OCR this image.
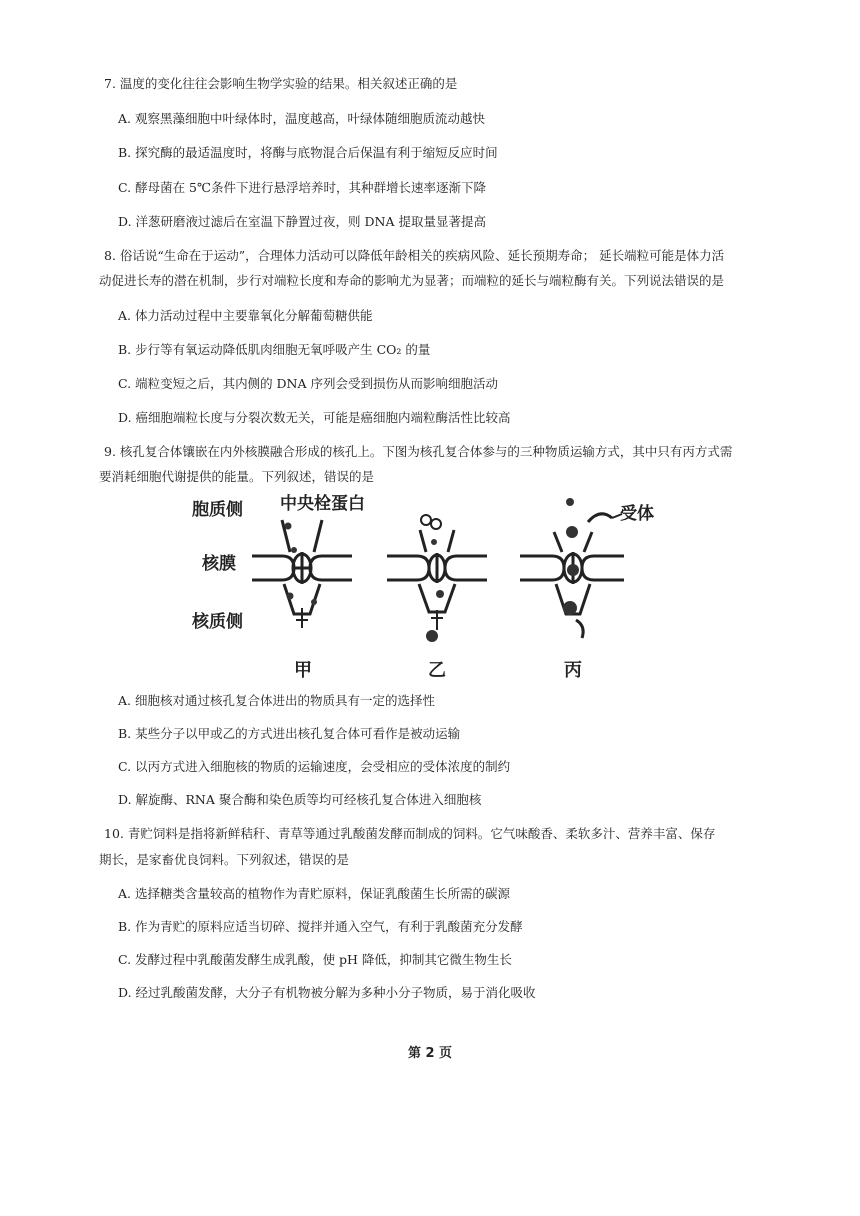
7. 温度的变化往往会影响生物学实验的结果。相关叙述正确的是
A. 观察黑藻细胞中叶绿体时，温度越高，叶绿体随细胞质流动越快
B. 探究酶的最适温度时，将酶与底物混合后保温有利于缩短反应时间
C. 酵母菌在 5℃条件下进行悬浮培养时，其种群增长速率逐渐下降
D. 洋葱研磨液过滤后在室温下静置过夜，则 DNA 提取量显著提高
8. 俗话说“生命在于运动”，合理体力活动可以降低年龄相关的疾病风险、延长预期寿命； 延长端粒可能是体力活
动促进长寿的潜在机制，步行对端粒长度和寿命的影响尤为显著；而端粒的延长与端粒酶有关。下列说法错误的是
A. 体力活动过程中主要靠氧化分解葡萄糖供能
B. 步行等有氧运动降低肌肉细胞无氧呼吸产生 CO₂ 的量
C. 端粒变短之后，其内侧的 DNA 序列会受到损伤从而影响细胞活动
D. 癌细胞端粒长度与分裂次数无关，可能是癌细胞内端粒酶活性比较高
9. 核孔复合体镶嵌在内外核膜融合形成的核孔上。下图为核孔复合体参与的三种物质运输方式，其中只有丙方式需
要消耗细胞代谢提供的能量。下列叙述，错误的是
胞质侧
核膜
核质侧
中央栓蛋白	受体
甲	乙	丙
A. 细胞核对通过核孔复合体进出的物质具有一定的选择性
B. 某些分子以甲或乙的方式进出核孔复合体可看作是被动运输
C. 以丙方式进入细胞核的物质的运输速度，会受相应的受体浓度的制约
D. 解旋酶、RNA 聚合酶和染色质等均可经核孔复合体进入细胞核
10. 青贮饲料是指将新鲜秸秆、青草等通过乳酸菌发酵而制成的饲料。它气味酸香、柔软多汁、营养丰富、保存
期长，是家畜优良饲料。下列叙述，错误的是
A. 选择糖类含量较高的植物作为青贮原料，保证乳酸菌生长所需的碳源
B. 作为青贮的原料应适当切碎、搅拌并通入空气，有利于乳酸菌充分发酵
C. 发酵过程中乳酸菌发酵生成乳酸，使 pH 降低，抑制其它微生物生长
D. 经过乳酸菌发酵，大分子有机物被分解为多种小分子物质，易于消化吸收
第 2 页
